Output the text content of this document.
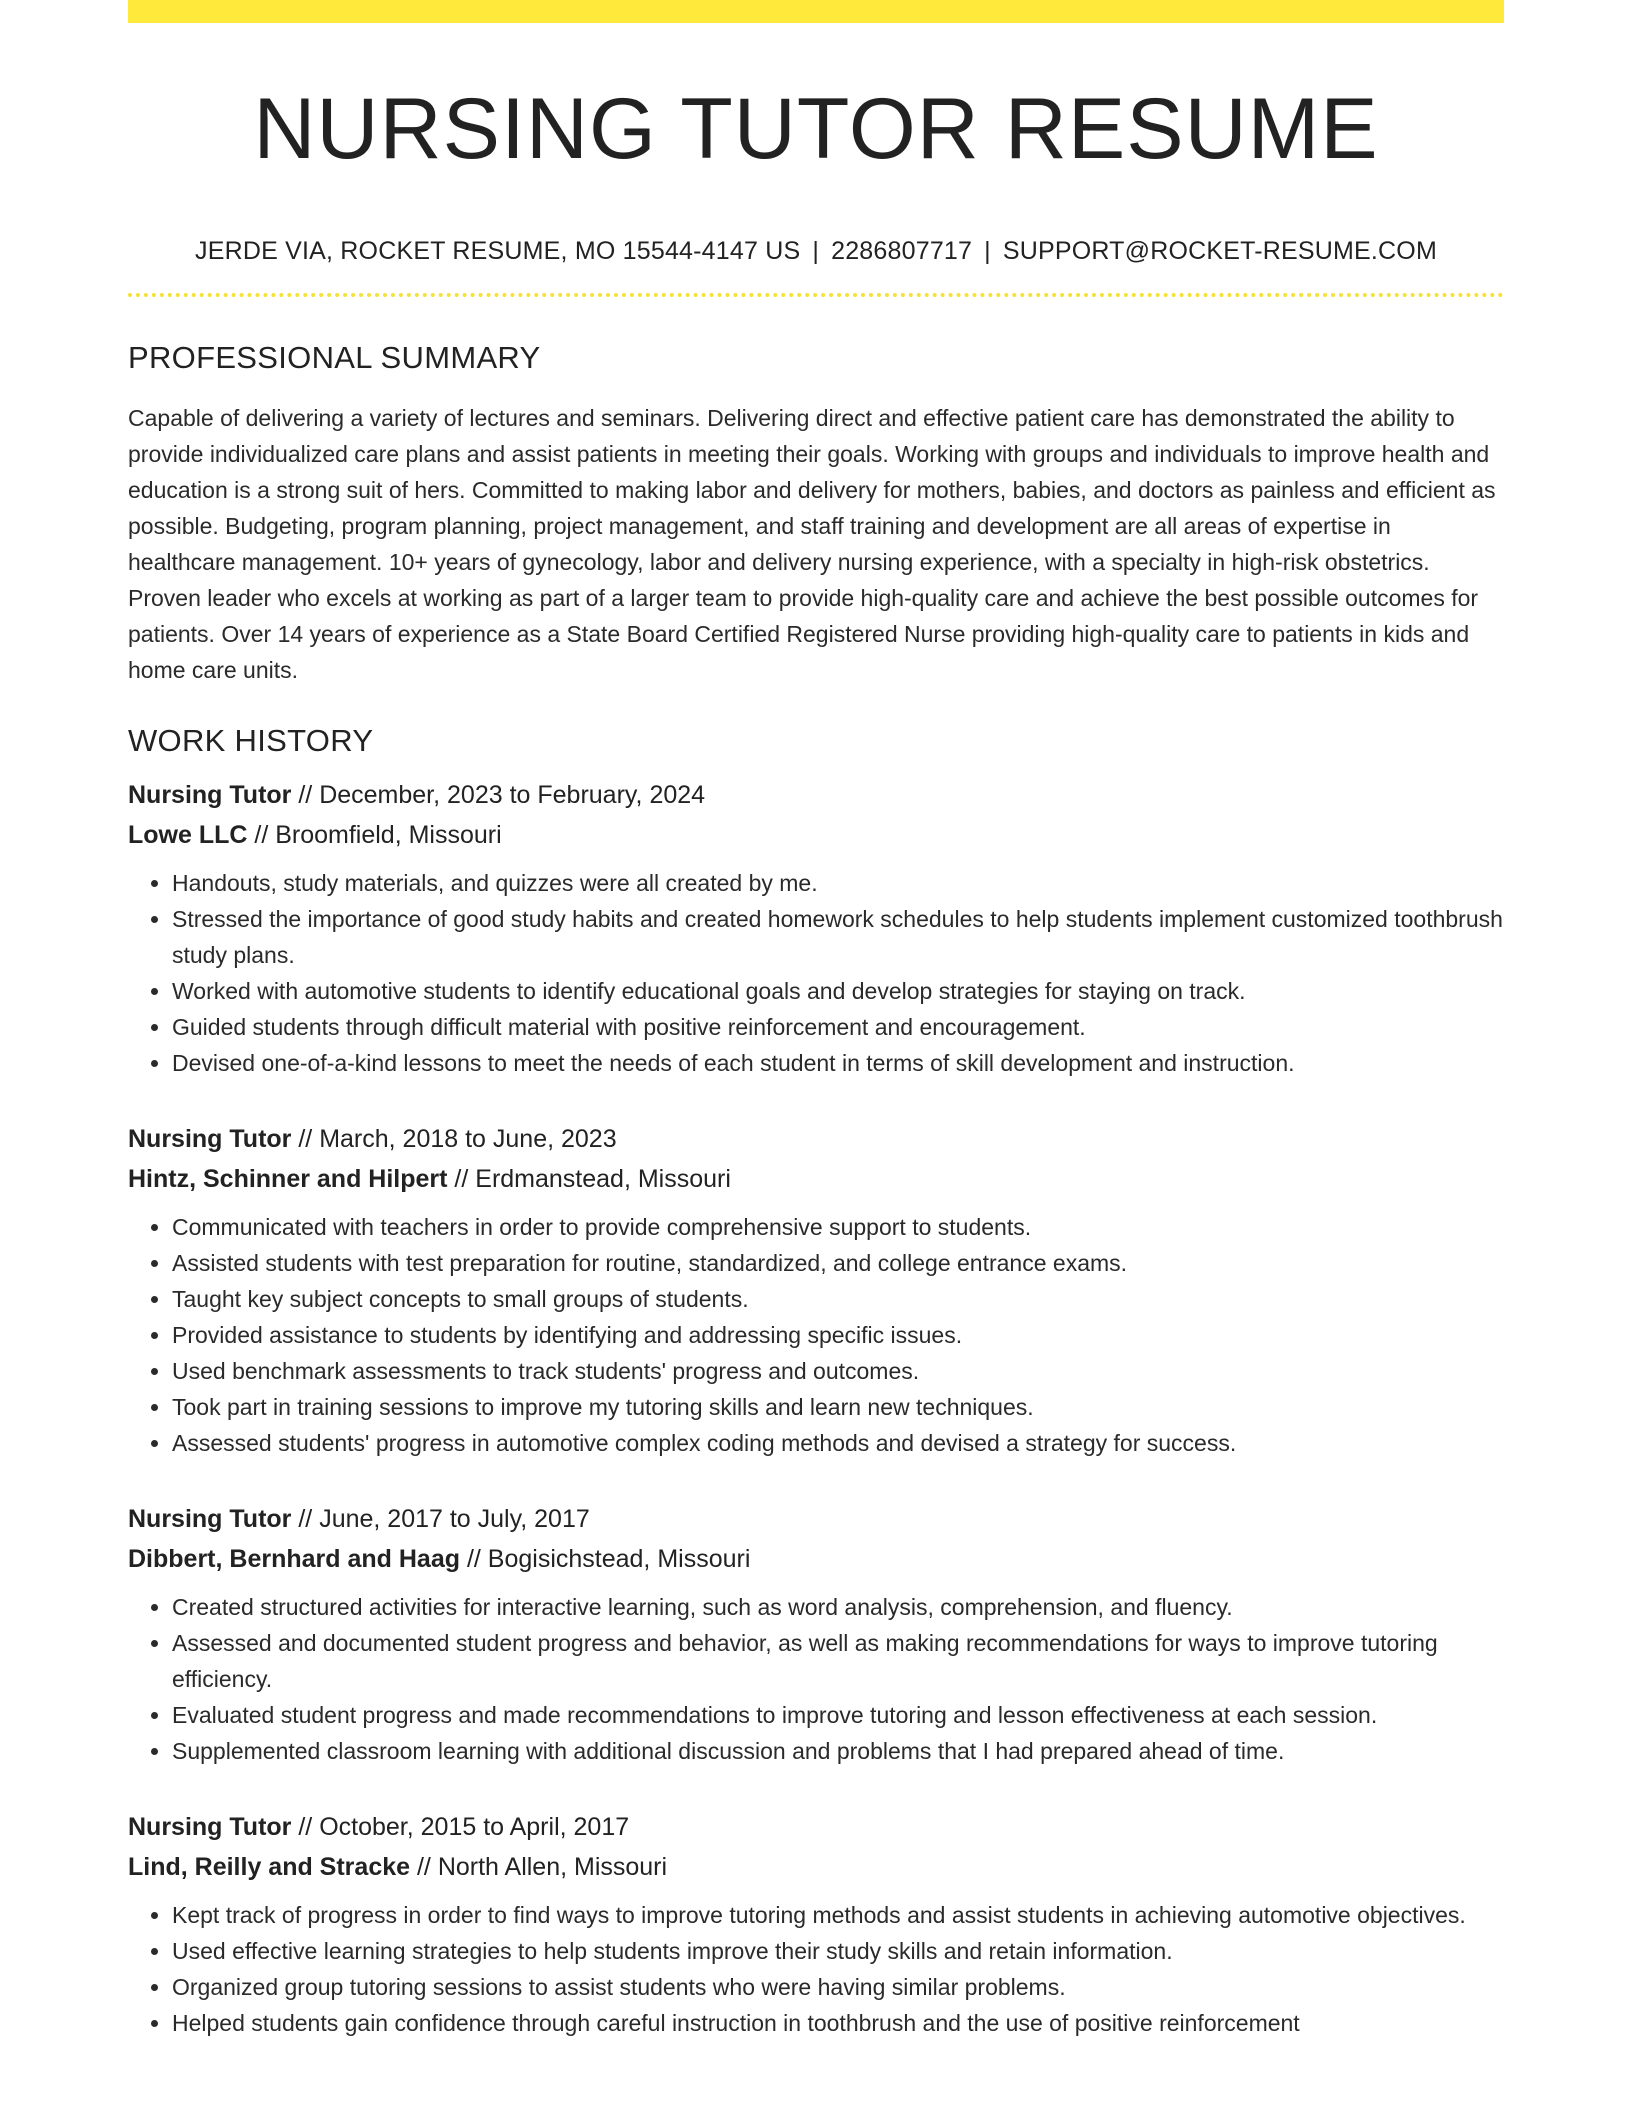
NURSING TUTOR RESUME
JERDE VIA, ROCKET RESUME, MO 15544-4147 US | 2286807717 | SUPPORT@ROCKET-RESUME.COM
PROFESSIONAL SUMMARY

Capable of delivering a variety of lectures and seminars. Delivering direct and effective patient care has demonstrated the ability to provide individualized care plans and assist patients in meeting their goals. Working with groups and individuals to improve health and education is a strong suit of hers. Committed to making labor and delivery for mothers, babies, and doctors as painless and efficient as possible. Budgeting, program planning, project management, and staff training and development are all areas of expertise in healthcare management. 10+ years of gynecology, labor and delivery nursing experience, with a specialty in high-risk obstetrics. Proven leader who excels at working as part of a larger team to provide high-quality care and achieve the best possible outcomes for patients. Over 14 years of experience as a State Board Certified Registered Nurse providing high-quality care to patients in kids and home care units.

WORK HISTORY
Nursing Tutor // December, 2023 to February, 2024
Lowe LLC // Broomfield, Missouri
• Handouts, study materials, and quizzes were all created by me.
• Stressed the importance of good study habits and created homework schedules to help students implement customized toothbrush study plans.
• Worked with automotive students to identify educational goals and develop strategies for staying on track.
• Guided students through difficult material with positive reinforcement and encouragement.
• Devised one-of-a-kind lessons to meet the needs of each student in terms of skill development and instruction.
Nursing Tutor // March, 2018 to June, 2023
Hintz, Schinner and Hilpert // Erdmanstead, Missouri
• Communicated with teachers in order to provide comprehensive support to students.
• Assisted students with test preparation for routine, standardized, and college entrance exams.
• Taught key subject concepts to small groups of students.
• Provided assistance to students by identifying and addressing specific issues.
• Used benchmark assessments to track students' progress and outcomes.
• Took part in training sessions to improve my tutoring skills and learn new techniques.
• Assessed students' progress in automotive complex coding methods and devised a strategy for success.
Nursing Tutor // June, 2017 to July, 2017
Dibbert, Bernhard and Haag // Bogisichstead, Missouri
• Created structured activities for interactive learning, such as word analysis, comprehension, and fluency.
• Assessed and documented student progress and behavior, as well as making recommendations for ways to improve tutoring efficiency.
• Evaluated student progress and made recommendations to improve tutoring and lesson effectiveness at each session.
• Supplemented classroom learning with additional discussion and problems that I had prepared ahead of time.
Nursing Tutor // October, 2015 to April, 2017
Lind, Reilly and Stracke // North Allen, Missouri
• Kept track of progress in order to find ways to improve tutoring methods and assist students in achieving automotive objectives.
• Used effective learning strategies to help students improve their study skills and retain information.
• Organized group tutoring sessions to assist students who were having similar problems.
• Helped students gain confidence through careful instruction in toothbrush and the use of positive reinforcement
